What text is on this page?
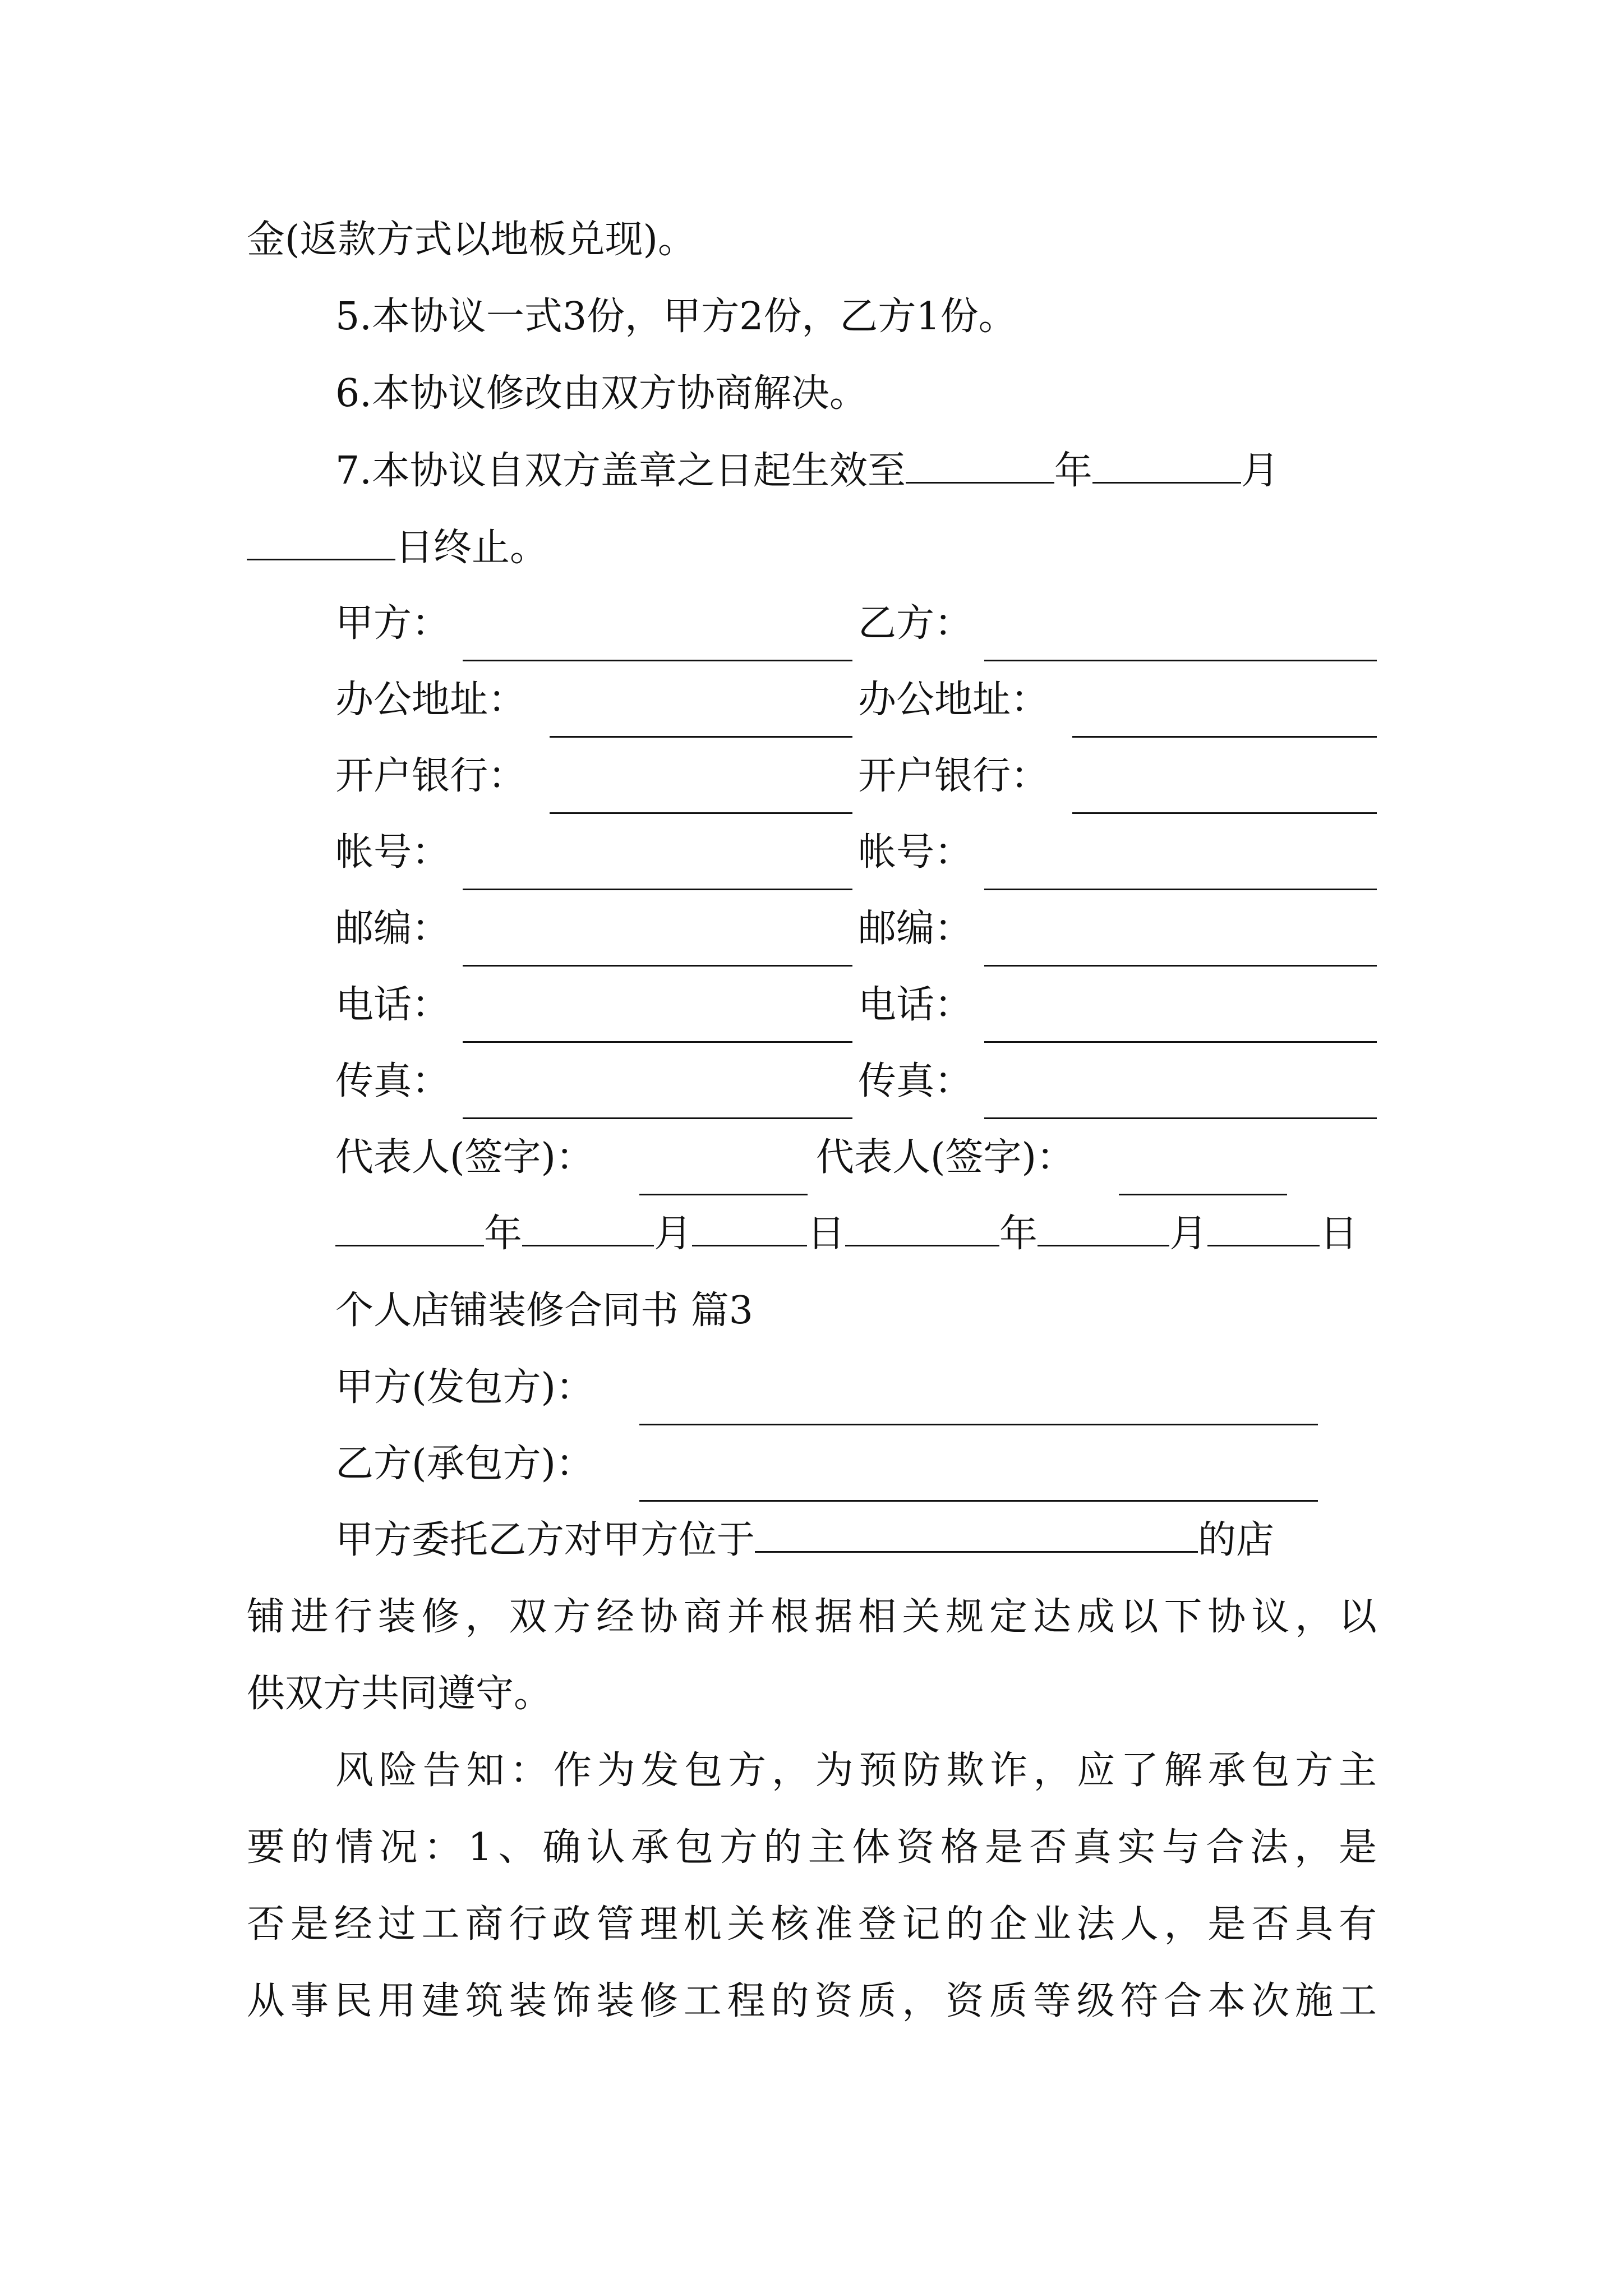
金(返款方式以地板兑现)。
5.本协议一式3份，甲方2份，乙方1份。
6.本协议修改由双方协商解决。
7.本协议自双方盖章之日起生效至	年	月
日终止。
甲方：	乙方：
办公地址：	办公地址：
开户银行：	开户银行：
帐号：	帐号：
邮编：	邮编：
电话：	电话：
传真：	传真：
代表人(签字)：	代表人(签字)：
年	月	日	年	月	日
个人店铺装修合同书 篇3
甲方(发包方)：
乙方(承包方)：
甲方委托乙方对甲方位于	的店
铺进行装修，双方经协商并根据相关规定达成以下协议，以
供双方共同遵守。
风险告知：作为发包方，为预防欺诈，应了解承包方主
要的情况：1、确认承包方的主体资格是否真实与合法，是
否是经过工商行政管理机关核准登记的企业法人，是否具有
从事民用建筑装饰装修工程的资质，资质等级符合本次施工
